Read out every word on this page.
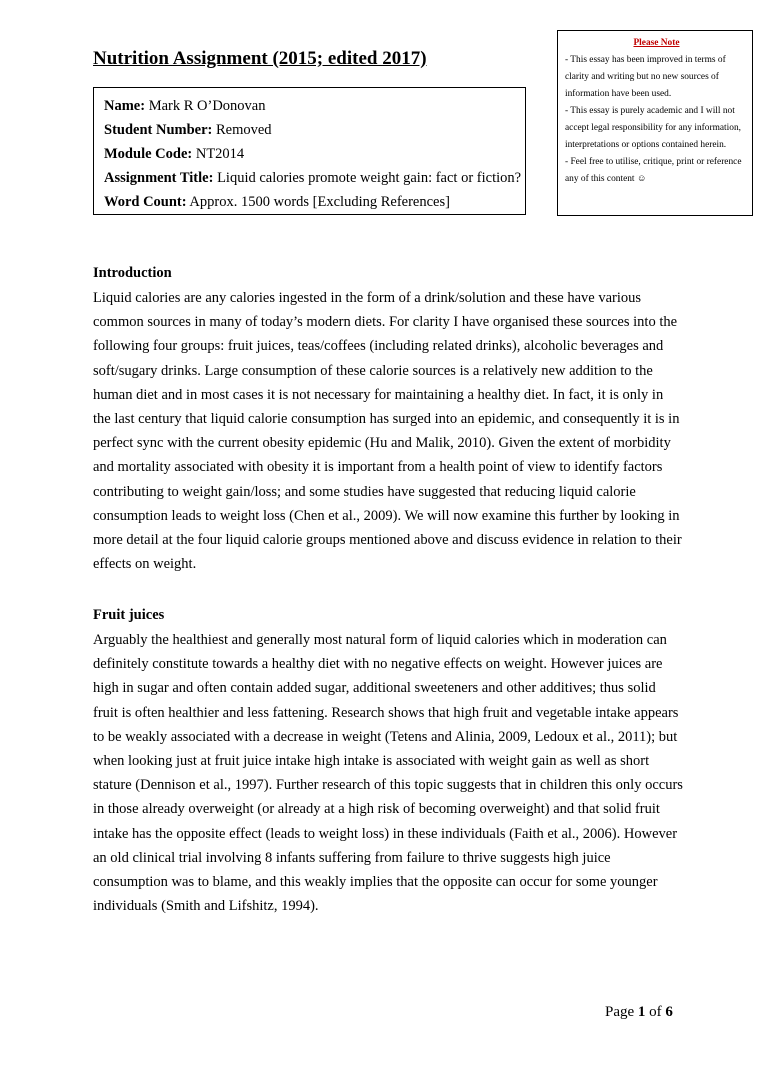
Nutrition Assignment (2015; edited 2017)
Name: Mark R O’Donovan
Student Number: Removed
Module Code: NT2014
Assignment Title: Liquid calories promote weight gain: fact or fiction?
Word Count: Approx. 1500 words [Excluding References]
Please Note

- This essay has been improved in terms of clarity and writing but no new sources of information have been used.

- This essay is purely academic and I will not accept legal responsibility for any information, interpretations or options contained herein.

- Feel free to utilise, critique, print or reference any of this content ☺

Introduction

Liquid calories are any calories ingested in the form of a drink/solution and these have various common sources in many of today’s modern diets. For clarity I have organised these sources into the following four groups: fruit juices, teas/coffees (including related drinks), alcoholic beverages and soft/sugary drinks. Large consumption of these calorie sources is a relatively new addition to the human diet and in most cases it is not necessary for maintaining a healthy diet. In fact, it is only in the last century that liquid calorie consumption has surged into an epidemic, and consequently it is in perfect sync with the current obesity epidemic (Hu and Malik, 2010). Given the extent of morbidity and mortality associated with obesity it is important from a health point of view to identify factors contributing to weight gain/loss; and some studies have suggested that reducing liquid calorie consumption leads to weight loss (Chen et al., 2009). We will now examine this further by looking in more detail at the four liquid calorie groups mentioned above and discuss evidence in relation to their effects on weight.

Fruit juices

Arguably the healthiest and generally most natural form of liquid calories which in moderation can definitely constitute towards a healthy diet with no negative effects on weight. However juices are high in sugar and often contain added sugar, additional sweeteners and other additives; thus solid fruit is often healthier and less fattening. Research shows that high fruit and vegetable intake appears to be weakly associated with a decrease in weight (Tetens and Alinia, 2009, Ledoux et al., 2011); but when looking just at fruit juice intake high intake is associated with weight gain as well as short stature (Dennison et al., 1997). Further research of this topic suggests that in children this only occurs in those already overweight (or already at a high risk of becoming overweight) and that solid fruit intake has the opposite effect (leads to weight loss) in these individuals (Faith et al., 2006). However an old clinical trial involving 8 infants suffering from failure to thrive suggests high juice consumption was to blame, and this weakly implies that the opposite can occur for some younger individuals (Smith and Lifshitz, 1994).

Page 1 of 6
